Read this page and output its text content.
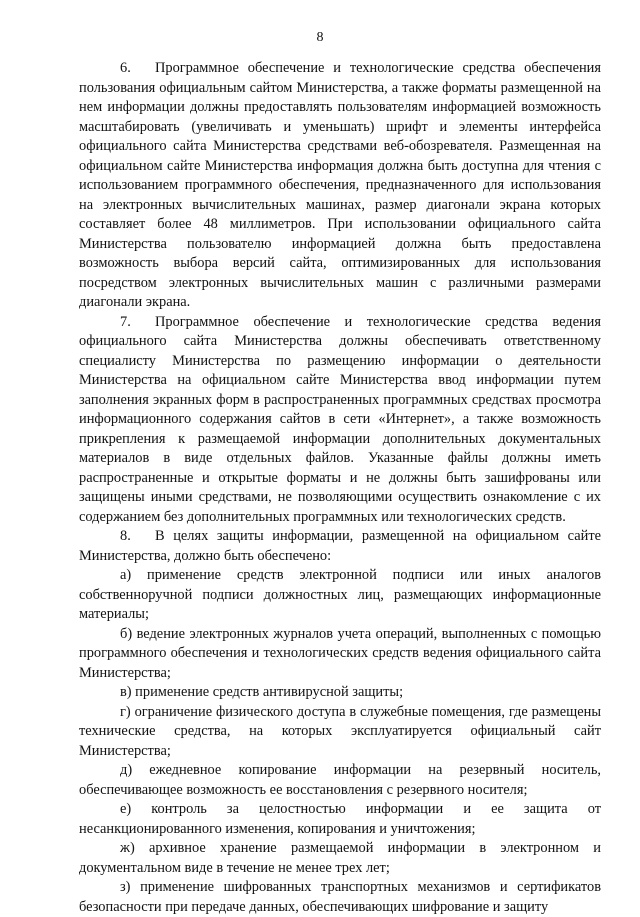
8

6. Программное обеспечение и технологические средства обеспечения пользования официальным сайтом Министерства, а также форматы размещенной на нем информации должны предоставлять пользователям информацией возможность масштабировать (увеличивать и уменьшать) шрифт и элементы интерфейса официального сайта Министерства средствами веб-обозревателя. Размещенная на официальном сайте Министерства информация должна быть доступна для чтения с использованием программного обеспечения, предназначенного для использования на электронных вычислительных машинах, размер диагонали экрана которых составляет более 48 миллиметров. При использовании официального сайта Министерства пользователю информацией должна быть предоставлена возможность выбора версий сайта, оптимизированных для использования посредством электронных вычислительных машин с различными размерами диагонали экрана.

7. Программное обеспечение и технологические средства ведения официального сайта Министерства должны обеспечивать ответственному специалисту Министерства по размещению информации о деятельности Министерства на официальном сайте Министерства ввод информации путем заполнения экранных форм в распространенных программных средствах просмотра информационного содержания сайтов в сети «Интернет», а также возможность прикрепления к размещаемой информации дополнительных документальных материалов в виде отдельных файлов. Указанные файлы должны иметь распространенные и открытые форматы и не должны быть зашифрованы или защищены иными средствами, не позволяющими осуществить ознакомление с их содержанием без дополнительных программных или технологических средств.

8. В целях защиты информации, размещенной на официальном сайте Министерства, должно быть обеспечено:

а) применение средств электронной подписи или иных аналогов собственноручной подписи должностных лиц, размещающих информационные материалы;

б) ведение электронных журналов учета операций, выполненных с помощью программного обеспечения и технологических средств ведения официального сайта Министерства;

в) применение средств антивирусной защиты;

г) ограничение физического доступа в служебные помещения, где размещены технические средства, на которых эксплуатируется официальный сайт Министерства;

д) ежедневное копирование информации на резервный носитель, обеспечивающее возможность ее восстановления с резервного носителя;

е) контроль за целостностью информации и ее защита от несанкционированного изменения, копирования и уничтожения;

ж) архивное хранение размещаемой информации в электронном и документальном виде в течение не менее трех лет;

з) применение шифрованных транспортных механизмов и сертификатов безопасности при передаче данных, обеспечивающих шифрование и защиту
